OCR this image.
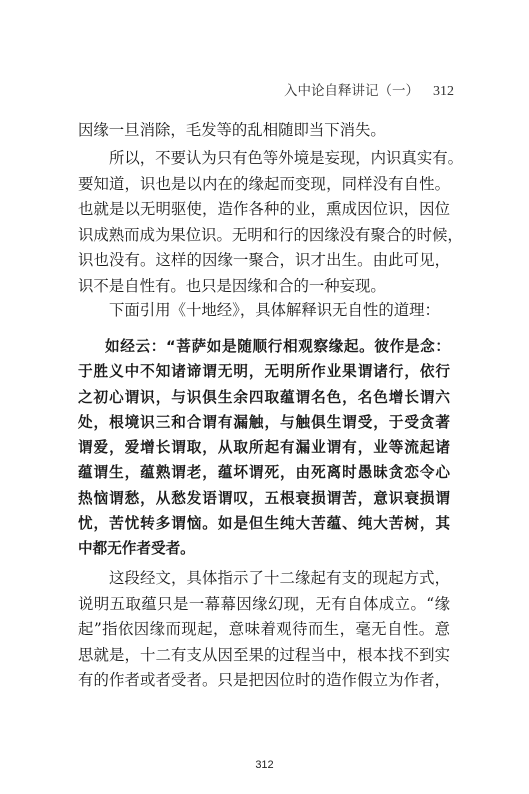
入中论自释讲记（一） 312
因缘一旦消除，毛发等的乱相随即当下消失。
所以，不要认为只有色等外境是妄现，内识真实有。
要知道，识也是以内在的缘起而变现，同样没有自性。
也就是以无明驱使，造作各种的业，熏成因位识，因位
识成熟而成为果位识。无明和行的因缘没有聚合的时候，
识也没有。这样的因缘一聚合，识才出生。由此可见，
识不是自性有。也只是因缘和合的一种妄现。
下面引用《十地经》，具体解释识无自性的道理：
如经云：“菩萨如是随顺行相观察缘起。彼作是念：
于胜义中不知诸谛谓无明，无明所作业果谓诸行，依行
之初心谓识，与识俱生余四取蕴谓名色，名色增长谓六
处，根境识三和合谓有漏触，与触俱生谓受，于受贪著
谓爱，爱增长谓取，从取所起有漏业谓有，业等流起诸
蕴谓生，蕴熟谓老，蕴坏谓死，由死离时愚昧贪恋令心
热恼谓愁，从愁发语谓叹，五根衰损谓苦，意识衰损谓
忧，苦忧转多谓恼。如是但生纯大苦蕴、纯大苦树，其
中都无作者受者。
这段经文，具体指示了十二缘起有支的现起方式，
说明五取蕴只是一幕幕因缘幻现，无有自体成立。“缘
起”指依因缘而现起，意味着观待而生，毫无自性。意
思就是，十二有支从因至果的过程当中，根本找不到实
有的作者或者受者。只是把因位时的造作假立为作者，
312
